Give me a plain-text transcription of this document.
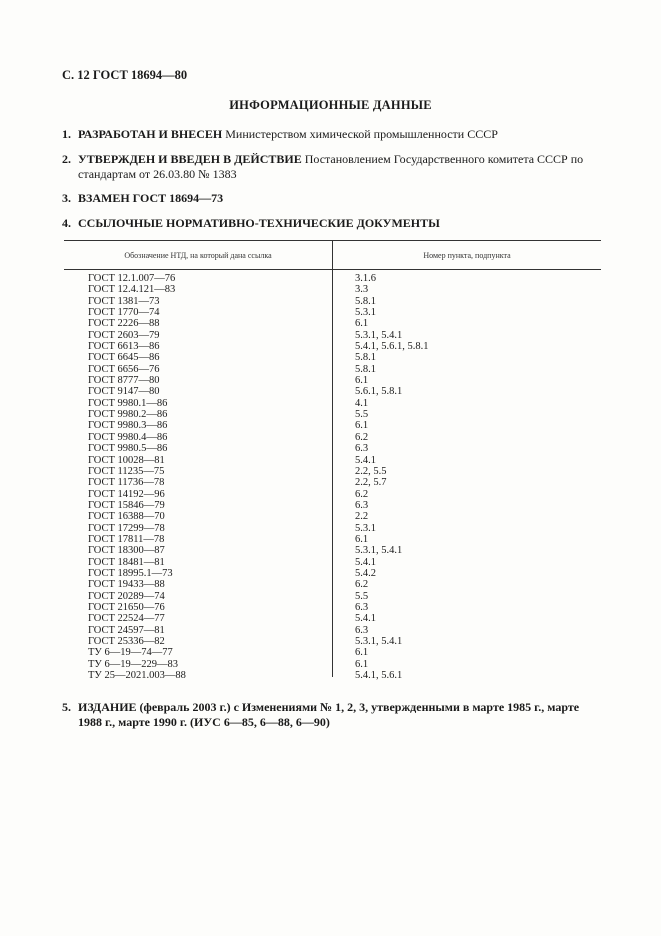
С. 12 ГОСТ 18694—80
ИНФОРМАЦИОННЫЕ ДАННЫЕ
1. РАЗРАБОТАН И ВНЕСЕН Министерством химической промышленности СССР
2. УТВЕРЖДЕН И ВВЕДЕН В ДЕЙСТВИЕ Постановлением Государственного комитета СССР по
стандартам от 26.03.80 № 1383
3. ВЗАМЕН ГОСТ 18694—73
4. ССЫЛОЧНЫЕ НОРМАТИВНО-ТЕХНИЧЕСКИЕ ДОКУМЕНТЫ
Обозначение НТД, на который дана ссылка	Номер пункта, подпункта
ГОСТ 12.1.007—76	3.1.6
ГОСТ 12.4.121—83	3.3
ГОСТ 1381—73	5.8.1
ГОСТ 1770—74	5.3.1
ГОСТ 2226—88	6.1
ГОСТ 2603—79	5.3.1, 5.4.1
ГОСТ 6613—86	5.4.1, 5.6.1, 5.8.1
ГОСТ 6645—86	5.8.1
ГОСТ 6656—76	5.8.1
ГОСТ 8777—80	6.1
ГОСТ 9147—80	5.6.1, 5.8.1
ГОСТ 9980.1—86	4.1
ГОСТ 9980.2—86	5.5
ГОСТ 9980.3—86	6.1
ГОСТ 9980.4—86	6.2
ГОСТ 9980.5—86	6.3
ГОСТ 10028—81	5.4.1
ГОСТ 11235—75	2.2, 5.5
ГОСТ 11736—78	2.2, 5.7
ГОСТ 14192—96	6.2
ГОСТ 15846—79	6.3
ГОСТ 16388—70	2.2
ГОСТ 17299—78	5.3.1
ГОСТ 17811—78	6.1
ГОСТ 18300—87	5.3.1, 5.4.1
ГОСТ 18481—81	5.4.1
ГОСТ 18995.1—73	5.4.2
ГОСТ 19433—88	6.2
ГОСТ 20289—74	5.5
ГОСТ 21650—76	6.3
ГОСТ 22524—77	5.4.1
ГОСТ 24597—81	6.3
ГОСТ 25336—82	5.3.1, 5.4.1
ТУ 6—19—74—77	6.1
ТУ 6—19—229—83	6.1
ТУ 25—2021.003—88	5.4.1, 5.6.1
5. ИЗДАНИЕ (февраль 2003 г.) с Изменениями № 1, 2, 3, утвержденными в марте 1985 г., марте
1988 г., марте 1990 г. (ИУС 6—85, 6—88, 6—90)
